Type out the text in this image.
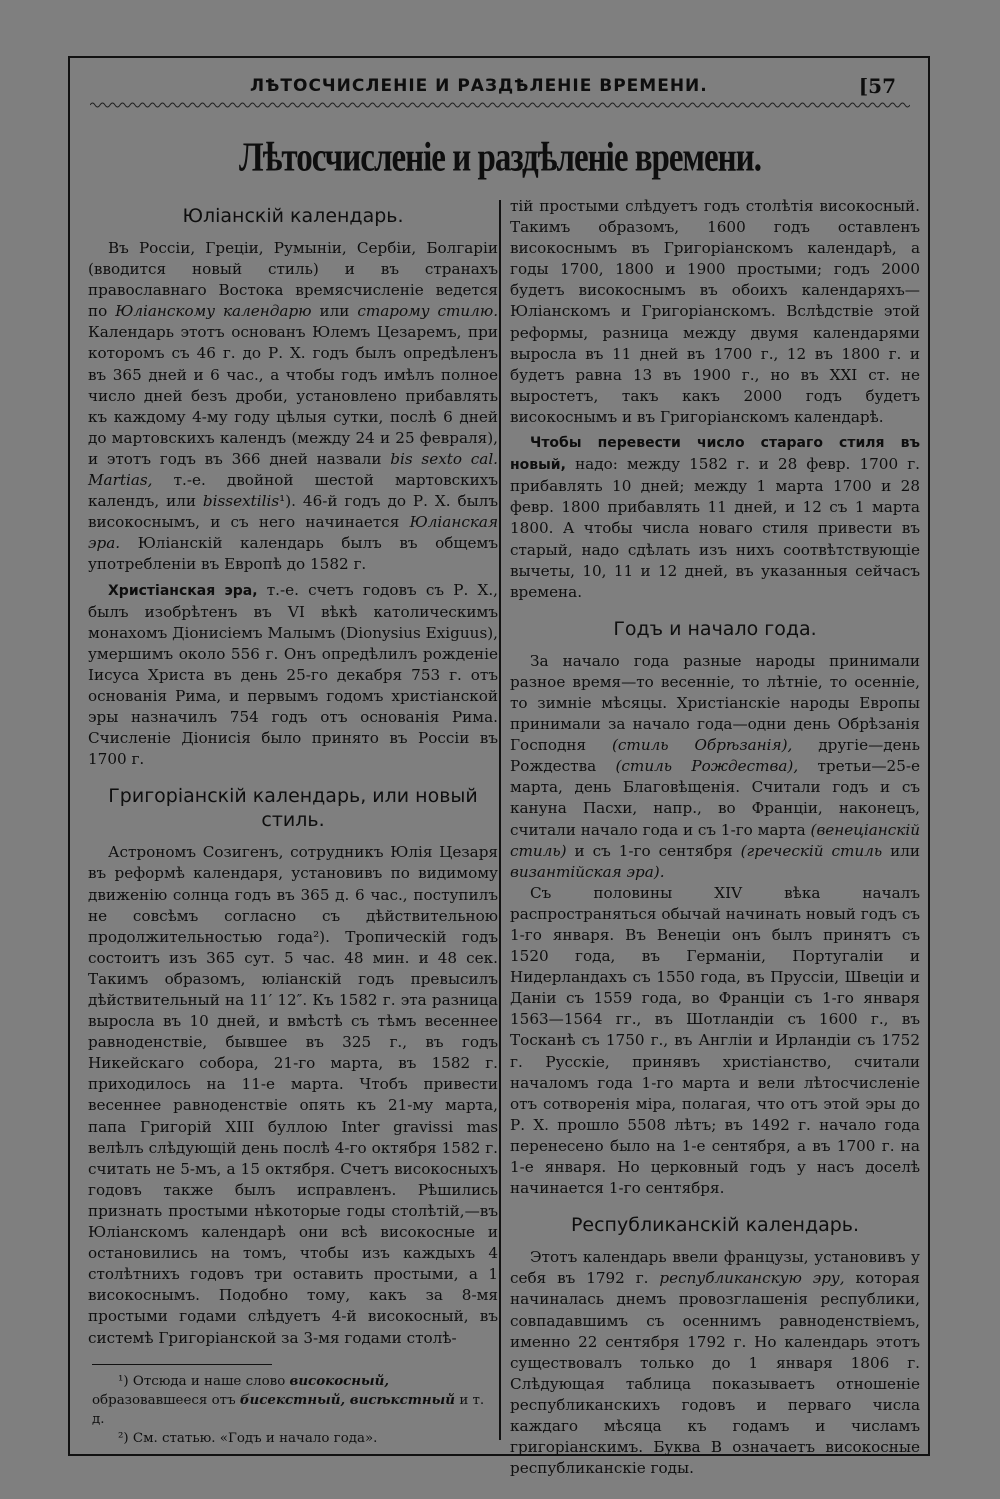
ЛѢТОСЧИСЛЕНІЕ И РАЗДѢЛЕНІЕ ВРЕМЕНИ.	[57
Лѣтосчисленіе и раздѣленіе времени.
Юліанскій календарь.

Въ Россіи, Греціи, Румыніи, Сербіи, Болгаріи (вводится новый стиль) и въ странахъ православнаго Востока времясчисленіе ведется по Юліанскому календарю или старому стилю. Календарь этотъ основанъ Юлемъ Цезаремъ, при которомъ съ 46 г. до Р. Х. годъ былъ опредѣленъ въ 365 дней и 6 час., а чтобы годъ имѣлъ полное число дней безъ дроби, установлено прибавлять къ каждому 4-му году цѣлыя сутки, послѣ 6 дней до мартовскихъ календъ (между 24 и 25 февраля), и этотъ годъ въ 366 дней назвали bis sexto cal. Martias, т.-е. двойной шестой мартовскихъ календъ, или bissextilis¹). 46-й годъ до Р. Х. былъ високоснымъ, и съ него начинается Юліанская эра. Юліанскій календарь былъ въ общемъ употребленіи въ Европѣ до 1582 г.

Христіанская эра, т.-е. счетъ годовъ съ Р. Х., былъ изобрѣтенъ въ VI вѣкѣ католическимъ монахомъ Діонисіемъ Малымъ (Dionysius Exiguus), умершимъ около 556 г. Онъ опредѣлилъ рожденіе Іисуса Христа въ день 25-го декабря 753 г. отъ основанія Рима, и первымъ годомъ христіанской эры назначилъ 754 годъ отъ основанія Рима. Счисленіе Діонисія было принято въ Россіи въ 1700 г.

Григоріанскій календарь, или новый стиль.

Астрономъ Созигенъ, сотрудникъ Юлія Цезаря въ реформѣ календаря, установивъ по видимому движенію солнца годъ въ 365 д. 6 час., поступилъ не совсѣмъ согласно съ дѣйствительною продолжительностью года²). Тропическій годъ состоитъ изъ 365 сут. 5 час. 48 мин. и 48 сек. Такимъ образомъ, юліанскій годъ превысилъ дѣйствительный на 11′ 12″. Къ 1582 г. эта разница выросла въ 10 дней, и вмѣстѣ съ тѣмъ весеннее равноденствіе, бывшее въ 325 г., въ годъ Никейскаго собора, 21-го марта, въ 1582 г. приходилось на 11-е марта. Чтобъ привести весеннее равноденствіе опять къ 21-му марта, папа Григорій XIII буллою Inter gravissi mas велѣлъ слѣдующій день послѣ 4-го октября 1582 г. считать не 5-мъ, а 15 октября. Счетъ високосныхъ годовъ также былъ исправленъ. Рѣшились признать простыми нѣкоторые годы столѣтій,—въ Юліанскомъ календарѣ они всѣ високосные и остановились на томъ, чтобы изъ каждыхъ 4 столѣтнихъ годовъ три оставить простыми, а 1 високоснымъ. Подобно тому, какъ за 8-мя простыми годами слѣдуетъ 4-й високосный, въ системѣ Григоріанской за 3-мя годами столѣ-

¹) Отсюда и наше слово високосный, образовавшееся отъ бисекстный, висѣкстный и т. д.
²) См. статью. «Годъ и начало года».

тій простыми слѣдуетъ годъ столѣтія високосный. Такимъ образомъ, 1600 годъ оставленъ високоснымъ въ Григоріанскомъ календарѣ, а годы 1700, 1800 и 1900 простыми; годъ 2000 будетъ високоснымъ въ обоихъ календаряхъ—Юліанскомъ и Григоріанскомъ. Вслѣдствіе этой реформы, разница между двумя календарями выросла въ 11 дней въ 1700 г., 12 въ 1800 г. и будетъ равна 13 въ 1900 г., но въ XXI ст. не выростетъ, такъ какъ 2000 годъ будетъ високоснымъ и въ Григоріанскомъ календарѣ.

Чтобы перевести число стараго стиля въ новый, надо: между 1582 г. и 28 февр. 1700 г. прибавлять 10 дней; между 1 марта 1700 и 28 февр. 1800 прибавлять 11 дней, и 12 съ 1 марта 1800. А чтобы числа новаго стиля привести въ старый, надо сдѣлать изъ нихъ соотвѣтствующіе вычеты, 10, 11 и 12 дней, въ указанныя сейчасъ времена.

Годъ и начало года.

За начало года разные народы принимали разное время—то весенніе, то лѣтніе, то осенніе, то зимніе мѣсяцы. Христіанскіе народы Европы принимали за начало года—одни день Обрѣзанія Господня (стиль Обрѣзанія), другіе—день Рождества (стиль Рождества), третьи—25-е марта, день Благовѣщенія. Считали годъ и съ кануна Пасхи, напр., во Франціи, наконецъ, считали начало года и съ 1-го марта (венеціанскій стиль) и съ 1-го сентября (греческій стиль или византійская эра).

Съ половины XIV вѣка началъ распространяться обычай начинать новый годъ съ 1-го января. Въ Венеціи онъ былъ принятъ съ 1520 года, въ Германіи, Португаліи и Нидерландахъ съ 1550 года, въ Пруссіи, Швеціи и Даніи съ 1559 года, во Франціи съ 1-го января 1563—1564 гг., въ Шотландіи съ 1600 г., въ Тосканѣ съ 1750 г., въ Англіи и Ирландіи съ 1752 г. Русскіе, принявъ христіанство, считали началомъ года 1-го марта и вели лѣтосчисленіе отъ сотворенія міра, полагая, что отъ этой эры до Р. Х. прошло 5508 лѣтъ; въ 1492 г. начало года перенесено было на 1-е сентября, а въ 1700 г. на 1-е января. Но церковный годъ у насъ доселѣ начинается 1-го сентября.

Республиканскій календарь.

Этотъ календарь ввели французы, установивъ у себя въ 1792 г. республиканскую эру, которая начиналась днемъ провозглашенія республики, совпадавшимъ съ осеннимъ равноденствіемъ, именно 22 сентября 1792 г. Но календарь этотъ существовалъ только до 1 января 1806 г. Слѣдующая таблица показываетъ отношеніе республиканскихъ годовъ и перваго числа каждаго мѣсяца къ годамъ и числамъ григоріанскимъ. Буква В означаетъ високосные республиканскіе годы.
